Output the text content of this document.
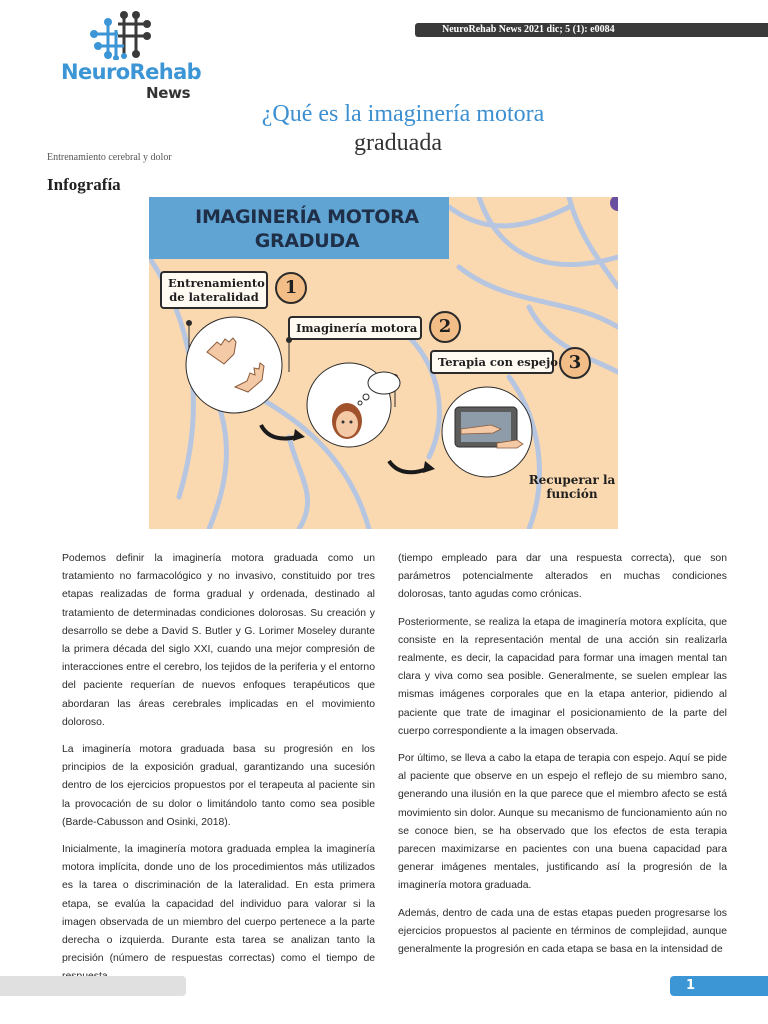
NeuroRehab
News
NeuroRehab News 2021 dic; 5 (1): e0084
¿Qué es la imaginería motora
graduada
Entrenamiento cerebral y dolor
Infografía
IMAGINERÍA MOTORA GRADUDA
Entrenamiento de lateralidad	1
Imaginería motora	2
Terapia con espejo 3
Recuperar la función

Podemos definir la imaginería motora graduada como un tratamiento no farmacológico y no invasivo, constituido por tres etapas realizadas de forma gradual y ordenada, destinado al tratamiento de determinadas condiciones dolorosas. Su creación y desarrollo se debe a David S. Butler y G. Lorimer Moseley durante la primera década del siglo XXI, cuando una mejor compresión de interacciones entre el cerebro, los tejidos de la periferia y el entorno del paciente requerían de nuevos enfoques terapéuticos que abordaran las áreas cerebrales implicadas en el movimiento doloroso.

La imaginería motora graduada basa su progresión en los principios de la exposición gradual, garantizando una sucesión dentro de los ejercicios propuestos por el terapeuta al paciente sin la provocación de su dolor o limitándolo tanto como sea posible (Barde-Cabusson and Osinki, 2018).

Inicialmente, la imaginería motora graduada emplea la imaginería motora implícita, donde uno de los procedimientos más utilizados es la tarea o discriminación de la lateralidad. En esta primera etapa, se evalúa la capacidad del individuo para valorar si la imagen observada de un miembro del cuerpo pertenece a la parte derecha o izquierda. Durante esta tarea se analizan tanto la precisión (número de respuestas correctas) como el tiempo de

(tiempo empleado para dar una respuesta correcta), que son parámetros potencialmente alterados en muchas condiciones dolorosas, tanto agudas como crónicas.

Posteriormente, se realiza la etapa de imaginería motora explícita, que consiste en la representación mental de una acción sin realizarla realmente, es decir, la capacidad para formar una imagen mental tan clara y viva como sea posible. Generalmente, se suelen emplear las mismas imágenes corporales que en la etapa anterior, pidiendo al paciente que trate de imaginar el posicionamiento de la parte del cuerpo correspondiente a la imagen observada.

Por último, se lleva a cabo la etapa de terapia con espejo. Aquí se pide al paciente que observe en un espejo el reflejo de su miembro sano, generando una ilusión en la que parece que el miembro afecto se está movimiento sin dolor. Aunque su mecanismo de funcionamiento aún no se conoce bien, se ha observado que los efectos de esta terapia parecen maximizarse en pacientes con una buena capacidad para generar imágenes mentales, justificando así la progresión de la imaginería motora graduada.

Además, dentro de cada una de estas etapas pueden progresarse los ejercicios propuestos al paciente en términos de complejidad, aunque generalmente la progresión en cada etapa se basa en la intensidad de

1
